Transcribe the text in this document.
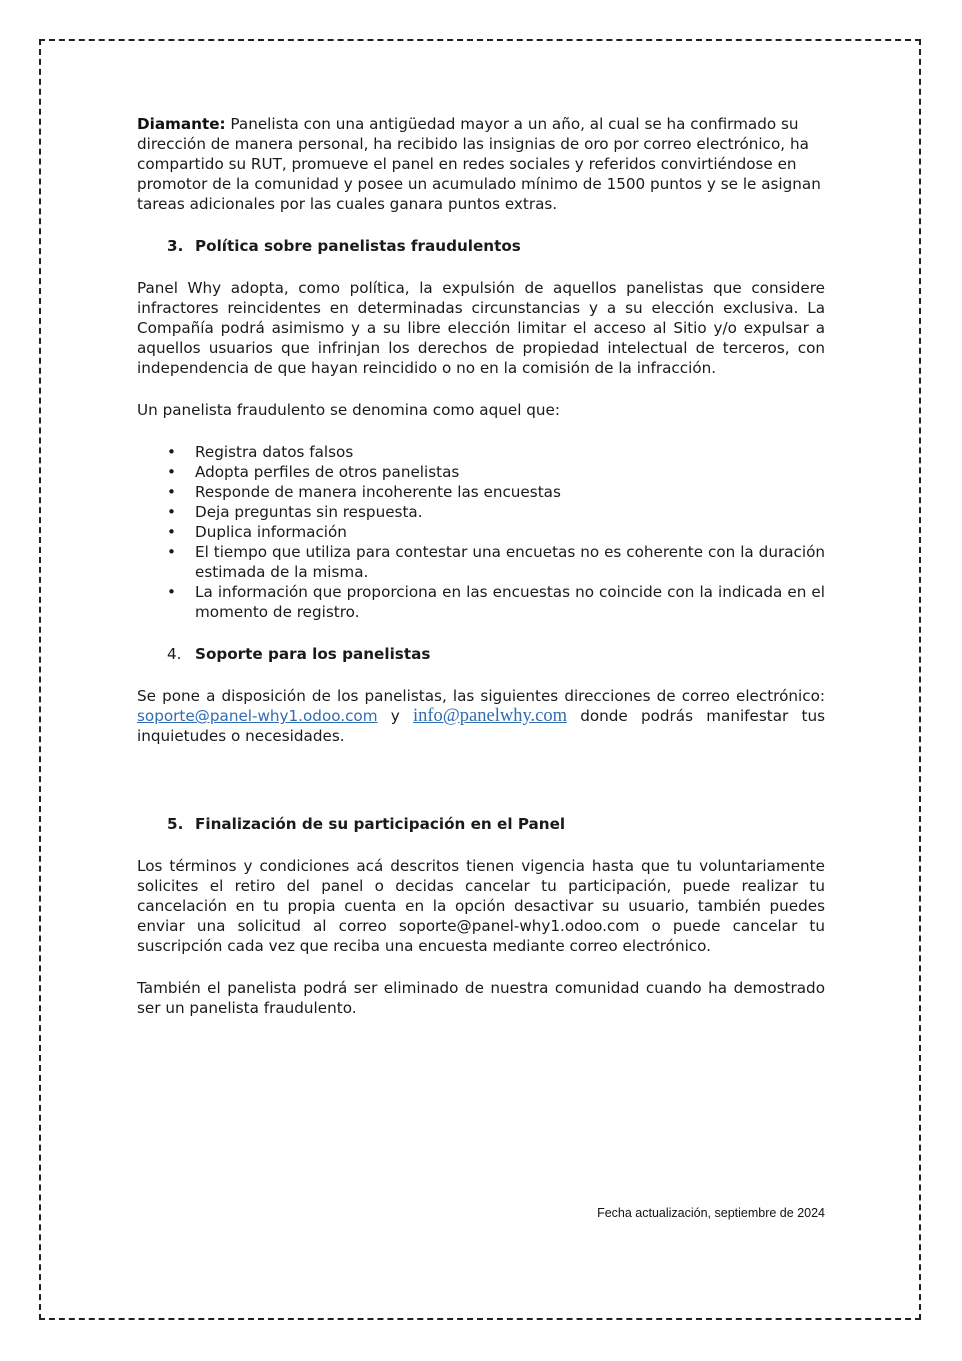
Diamante: Panelista con una antigüedad mayor a un año, al cual se ha confirmado su dirección de manera personal, ha recibido las insignias de oro por correo electrónico, ha compartido su RUT, promueve el panel en redes sociales y referidos convirtiéndose en promotor de la comunidad y posee un acumulado mínimo de 1500 puntos y se le asignan tareas adicionales por las cuales ganara puntos extras.

3. Política sobre panelistas fraudulentos

Panel Why adopta, como política, la expulsión de aquellos panelistas que considere infractores reincidentes en determinadas circunstancias y a su elección exclusiva. La Compañía podrá asimismo y a su libre elección limitar el acceso al Sitio y/o expulsar a aquellos usuarios que infrinjan los derechos de propiedad intelectual de terceros, con independencia de que hayan reincidido o no en la comisión de la infracción.

Un panelista fraudulento se denomina como aquel que:

• Registra datos falsos
• Adopta perfiles de otros panelistas
• Responde de manera incoherente las encuestas
• Deja preguntas sin respuesta.
• Duplica información
• El tiempo que utiliza para contestar una encuetas no es coherente con la duración estimada de la misma.
• La información que proporciona en las encuestas no coincide con la indicada en el momento de registro.
4. Soporte para los panelistas

Se pone a disposición de los panelistas, las siguientes direcciones de correo electrónico: soporte@panel-why1.odoo.com y info@panelwhy.com donde podrás manifestar tus inquietudes o necesidades.

5. Finalización de su participación en el Panel

Los términos y condiciones acá descritos tienen vigencia hasta que tu voluntariamente solicites el retiro del panel o decidas cancelar tu participación, puede realizar tu cancelación en tu propia cuenta en la opción desactivar su usuario, también puedes enviar una solicitud al correo soporte@panel-why1.odoo.com o puede cancelar tu suscripción cada vez que reciba una encuesta mediante correo electrónico.

También el panelista podrá ser eliminado de nuestra comunidad cuando ha demostrado ser un panelista fraudulento.

Fecha actualización, septiembre de 2024
